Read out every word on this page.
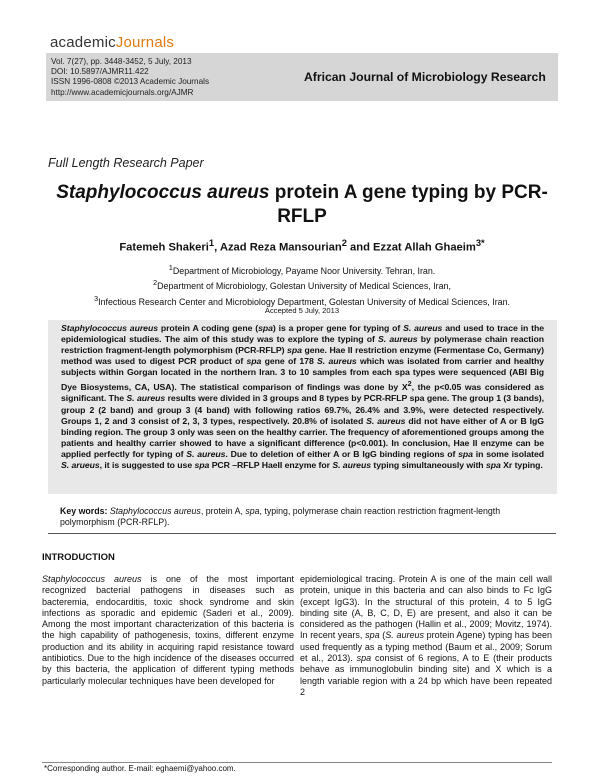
academicJournals
Vol. 7(27), pp. 3448-3452, 5 July, 2013
DOI: 10.5897/AJMR11.422
ISSN 1996-0808 ©2013 Academic Journals
http://www.academicjournals.org/AJMR
African Journal of Microbiology Research
Full Length Research Paper
Staphylococcus aureus protein A gene typing by PCR-RFLP
Fatemeh Shakeri$^1$, Azad Reza Mansourian$^2$ and Ezzat Allah Ghaeim$^{3*}$
$^1$Department of Microbiology, Payame Noor University. Tehran, Iran.
$^2$Department of Microbiology, Golestan University of Medical Sciences, Iran,
$^3$Infectious Research Center and Microbiology Department, Golestan University of Medical Sciences, Iran.
Accepted 5 July, 2013
Staphylococcus aureus protein A coding gene (spa) is a proper gene for typing of S. aureus and used to trace in the epidemiological studies. The aim of this study was to explore the typing of S. aureus by polymerase chain reaction restriction fragment-length polymorphism (PCR-RFLP) spa gene. Hae II restriction enzyme (Fermentase Co, Germany) method was used to digest PCR product of spa gene of 178 S. aureus which was isolated from carrier and healthy subjects within Gorgan located in the northern Iran. 3 to 10 samples from each spa types were sequenced (ABI Big Dye Biosystems, CA, USA). The statistical comparison of findings was done by $X^2$, the p<0.05 was considered as significant. The S. aureus results were divided in 3 groups and 8 types by PCR-RFLP spa gene. The group 1 (3 bands), group 2 (2 band) and group 3 (4 band) with following ratios 69.7%, 26.4% and 3.9%, were detected respectively. Groups 1, 2 and 3 consist of 2, 3, 3 types, respectively. 20.8% of isolated S. aureus did not have either of A or B IgG binding region. The group 3 only was seen on the healthy carrier. The frequency of aforementioned groups among the patients and healthy carrier showed to have a significant difference (p<0.001). In conclusion, Hae II enzyme can be applied perfectly for typing of S. aureus. Due to deletion of either A or B IgG binding regions of spa in some isolated S. arueus, it is suggested to use spa PCR –RFLP HaeII enzyme for S. aureus typing simultaneously with spa Xr typing.
Key words: Staphylococcus aureus, protein A, spa, typing, polymerase chain reaction restriction fragment-length polymorphism (PCR-RFLP).
INTRODUCTION

Staphylococcus aureus is one of the most important recognized bacterial pathogens in diseases such as bacteremia, endocarditis, toxic shock syndrome and skin infections as sporadic and epidemic (Saderi et al., 2009). Among the most important characterization of this bacteria is the high capability of pathogenesis, toxins, different enzyme production and its ability in acquiring rapid resistance toward antibiotics. Due to the high incidence of the diseases occurred by this bacteria, the application of different typing methods particularly molecular techniques have been developed for

epidemiological tracing. Protein A is one of the main cell wall protein, unique in this bacteria and can also binds to Fc IgG (except IgG3). In the structural of this protein, 4 to 5 IgG binding site (A, B, C, D, E) are present, and also it can be considered as the pathogen (Hallin et al., 2009; Movitz, 1974). In recent years, spa (S. aureus protein Agene) typing has been used frequently as a typing method (Baum et al., 2009; Sorum et al., 2013). spa consist of 6 regions, A to E (their products behave as immunoglobulin binding site) and X which is a length variable region with a 24 bp which have been repeated 2

*Corresponding author. E-mail: eghaemi@yahoo.com.
